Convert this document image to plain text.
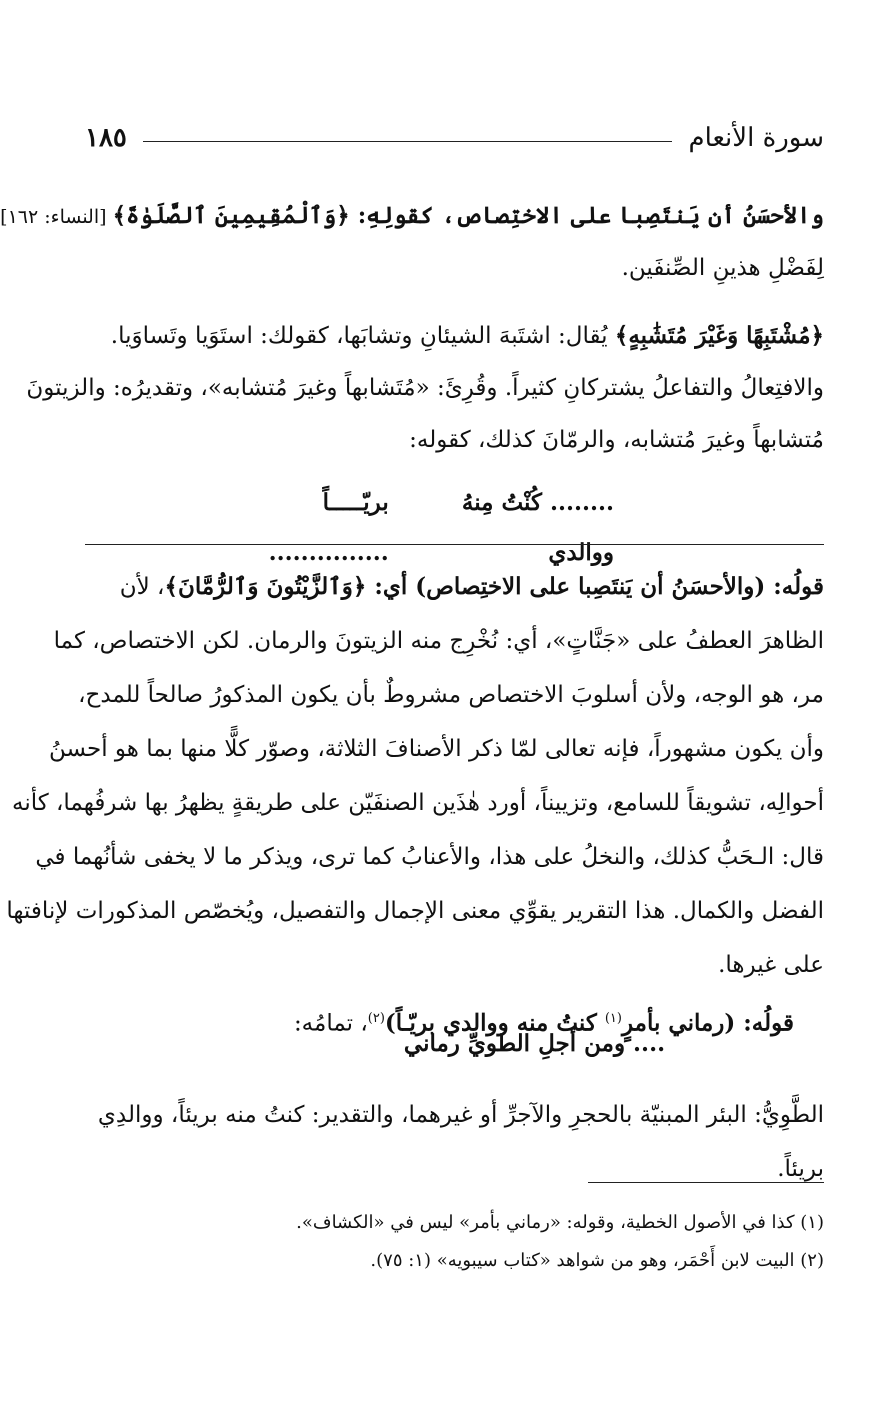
سورة الأنعام
١٨٥
والأحسَنُ أن يَنتَصِبا على الاختِصاص، كقولِهِ: ﴿وَٱلْمُقِيمِينَ ٱلصَّلَوٰةَ﴾ [النساء: ١٦٢]
لِفَضْلِ هذينِ الصِّنفَين.
﴿مُشْتَبِهًا وَغَيْرَ مُتَشَٰبِهٍ﴾ يُقال: اشتَبهَ الشيئانِ وتشابَها، كقولك: استَوَيا وتَساوَيا.
والافتِعالُ والتفاعلُ يشتركانِ كثيراً. وقُرِئَ: «مُتَشابهاً وغيرَ مُتشابه»، وتقديرُه: والزيتونَ
مُتشابهاً وغيرَ مُتشابه، والرمّانَ كذلك، كقوله:
........ كُنْتُ مِنهُ ووالدي
بريّـــــاً ...............
قولُه: (والأحسَنُ أن يَنتَصِبا على الاختِصاص) أي: ﴿وَٱلزَّيْتُونَ وَٱلرُّمَّانَ﴾، لأن
الظاهرَ العطفُ على «جَنَّاتٍ»، أي: نُخْرِج منه الزيتونَ والرمان. لكن الاختصاص، كما
مر، هو الوجه، ولأن أسلوبَ الاختصاص مشروطٌ بأن يكون المذكورُ صالحاً للمدح،
وأن يكون مشهوراً، فإنه تعالى لمّا ذكر الأصنافَ الثلاثة، وصوّر كلًّا منها بما هو أحسنُ
أحوالِه، تشويقاً للسامع، وتزييناً، أورد هٰذَين الصنفَيّن على طريقةٍ يظهرُ بها شرفُهما، كأنه
قال: الـحَبُّ كذلك، والنخلُ على هذا، والأعنابُ كما ترى، ويذكر ما لا يخفى شأنُهما في
الفضل والكمال. هذا التقرير يقوِّي معنى الإجمال والتفصيل، ويُخصّص المذكورات لإنافتها
على غيرها.
قولُه: (رماني بأمرٍ$^{(١)}$ كنتُ منه ووالدي بريّـاً)$^{(٢)}$، تمامُه:
.... ومن أجلِ الطويِّ رماني
الطَّوِيُّ: البئر المبنيّة بالحجرِ والآجرِّ أو غيرهما، والتقدير: كنتُ منه بريئاً، ووالدِي بريئاً.
(١) كذا في الأصول الخطية، وقوله: «رماني بأمر» ليس في «الكشاف».
(٢) البيت لابن أَحْمَر، وهو من شواهد «كتاب سيبويه» (١: ٧٥).
